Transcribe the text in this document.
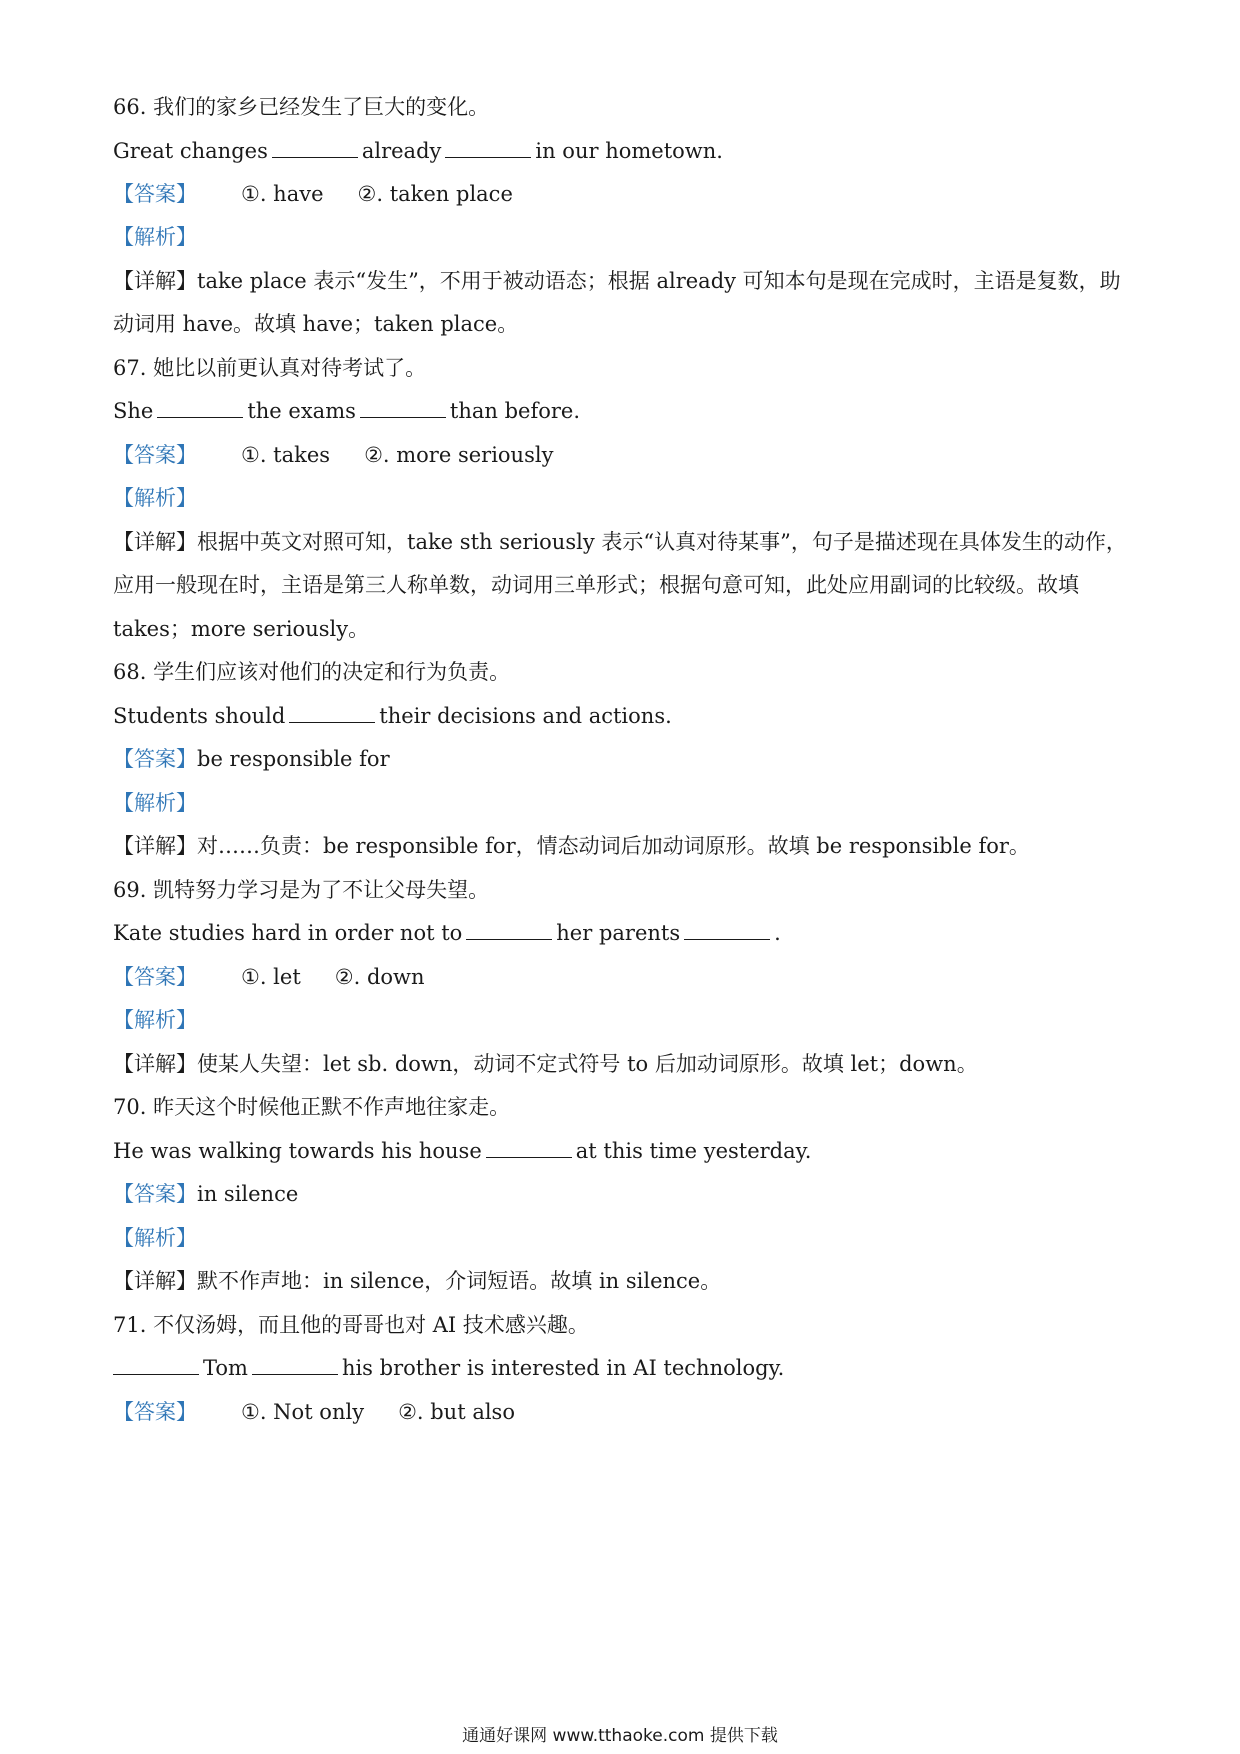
66. 我们的家乡已经发生了巨大的变化。
Great changes	already	in our hometown.
【答案】 ①. have ②. taken place
【解析】
【详解】take place 表示“发生”，不用于被动语态；根据 already 可知本句是现在完成时，主语是复数，助
动词用 have。故填 have；taken place。
67. 她比以前更认真对待考试了。
She	the exams	than before.
【答案】 ①. takes ②. more seriously
【解析】
【详解】根据中英文对照可知，take sth seriously 表示“认真对待某事”，句子是描述现在具体发生的动作，
应用一般现在时，主语是第三人称单数，动词用三单形式；根据句意可知，此处应用副词的比较级。故填
takes；more seriously。
68. 学生们应该对他们的决定和行为负责。
Students should	their decisions and actions.
【答案】be responsible for
【解析】
【详解】对……负责：be responsible for，情态动词后加动词原形。故填 be responsible for。
69. 凯特努力学习是为了不让父母失望。
Kate studies hard in order not to	her parents	.
【答案】 ①. let ②. down
【解析】
【详解】使某人失望：let sb. down，动词不定式符号 to 后加动词原形。故填 let；down。
70. 昨天这个时候他正默不作声地往家走。
He was walking towards his house	at this time yesterday.
【答案】in silence
【解析】
【详解】默不作声地：in silence，介词短语。故填 in silence。
71. 不仅汤姆，而且他的哥哥也对 AI 技术感兴趣。
Tom	his brother is interested in AI technology.
【答案】 ①. Not only ②. but also
通通好课网 www.tthaoke.com 提供下载
